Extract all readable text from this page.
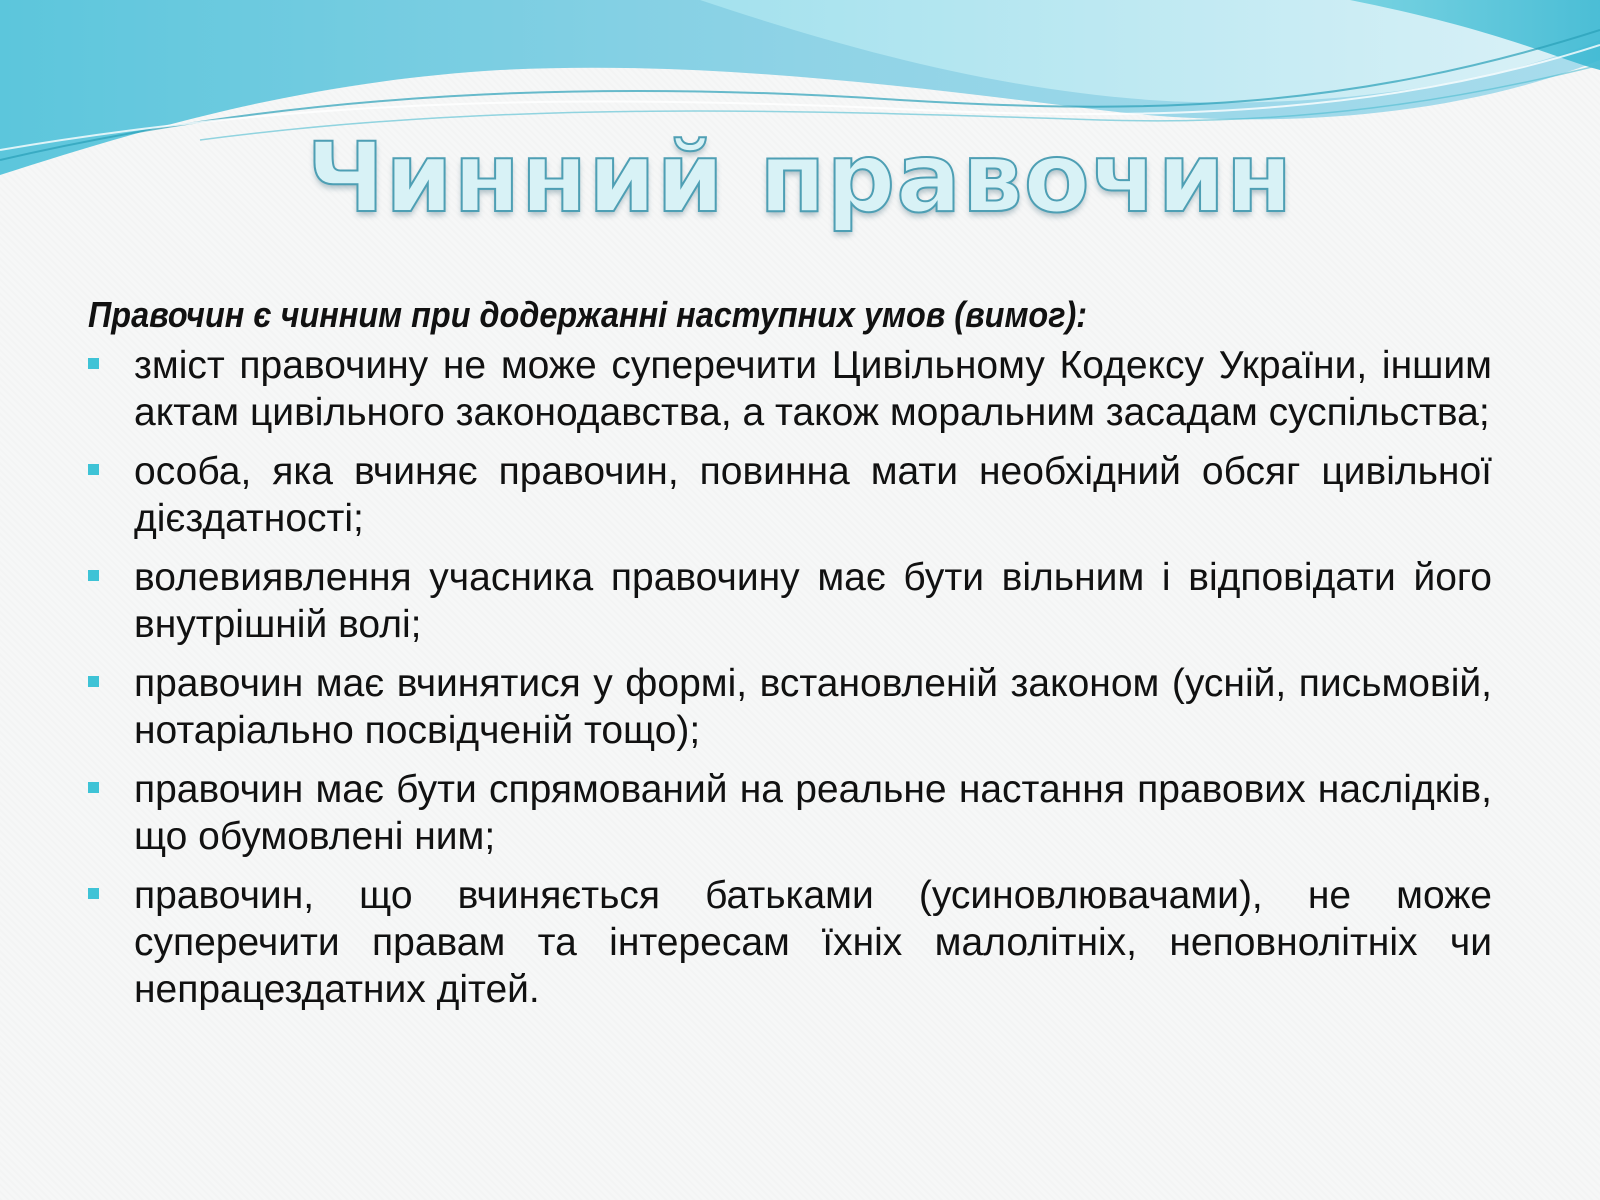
Чинний правочин

Правочин є чинним при додержанні наступних умов (вимог):

зміст правочину не може суперечити Цивільному Кодексу України, іншим актам цивільного законодавства, а також моральним засадам суспільства;
особа, яка вчиняє правочин, повинна мати необхідний обсяг цивільної дієздатності;
волевиявлення учасника правочину має бути вільним і відповідати його внутрішній волі;
правочин має вчинятися у формі, встановленій законом (усній, письмовій, нотаріально посвідченій тощо);
правочин має бути спрямований на реальне настання правових наслідків, що обумовлені ним;
правочин, що вчиняється батьками (усиновлювачами), не може суперечити правам та інтересам їхніх малолітніх, неповнолітніх чи непрацездатних дітей.
